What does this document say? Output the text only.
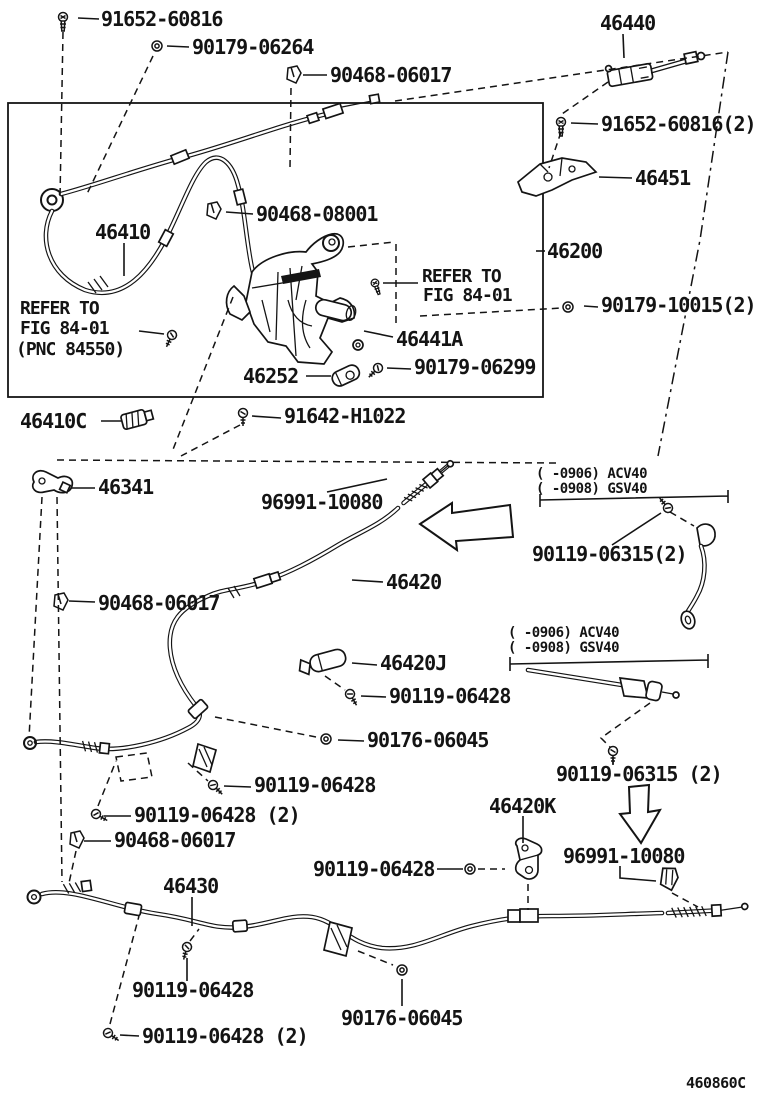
91652-60816
90179-06264
90468-06017
46440
91652-60816(2)
46451
90468-08001
46410
REFER TO
FIG 84-01
(PNC 84550)
REFER TO
FIG 84-01
46200
90179-10015(2)
46441A
90179-06299
46252
46410C	91642-H1022
46341
96991-10080
( -0906) ACV40
( -0908) GSV40
90119-06315(2)
46420
90468-06017
46420J
90119-06428
90176-06045
90119-06428
90119-06428 (2)
90468-06017
( -0906) ACV40
( -0908) GSV40
90119-06315 (2)
46420K
90119-06428
96991-10080
46430
90119-06428
90119-06428 (2)
90176-06045
460860C
